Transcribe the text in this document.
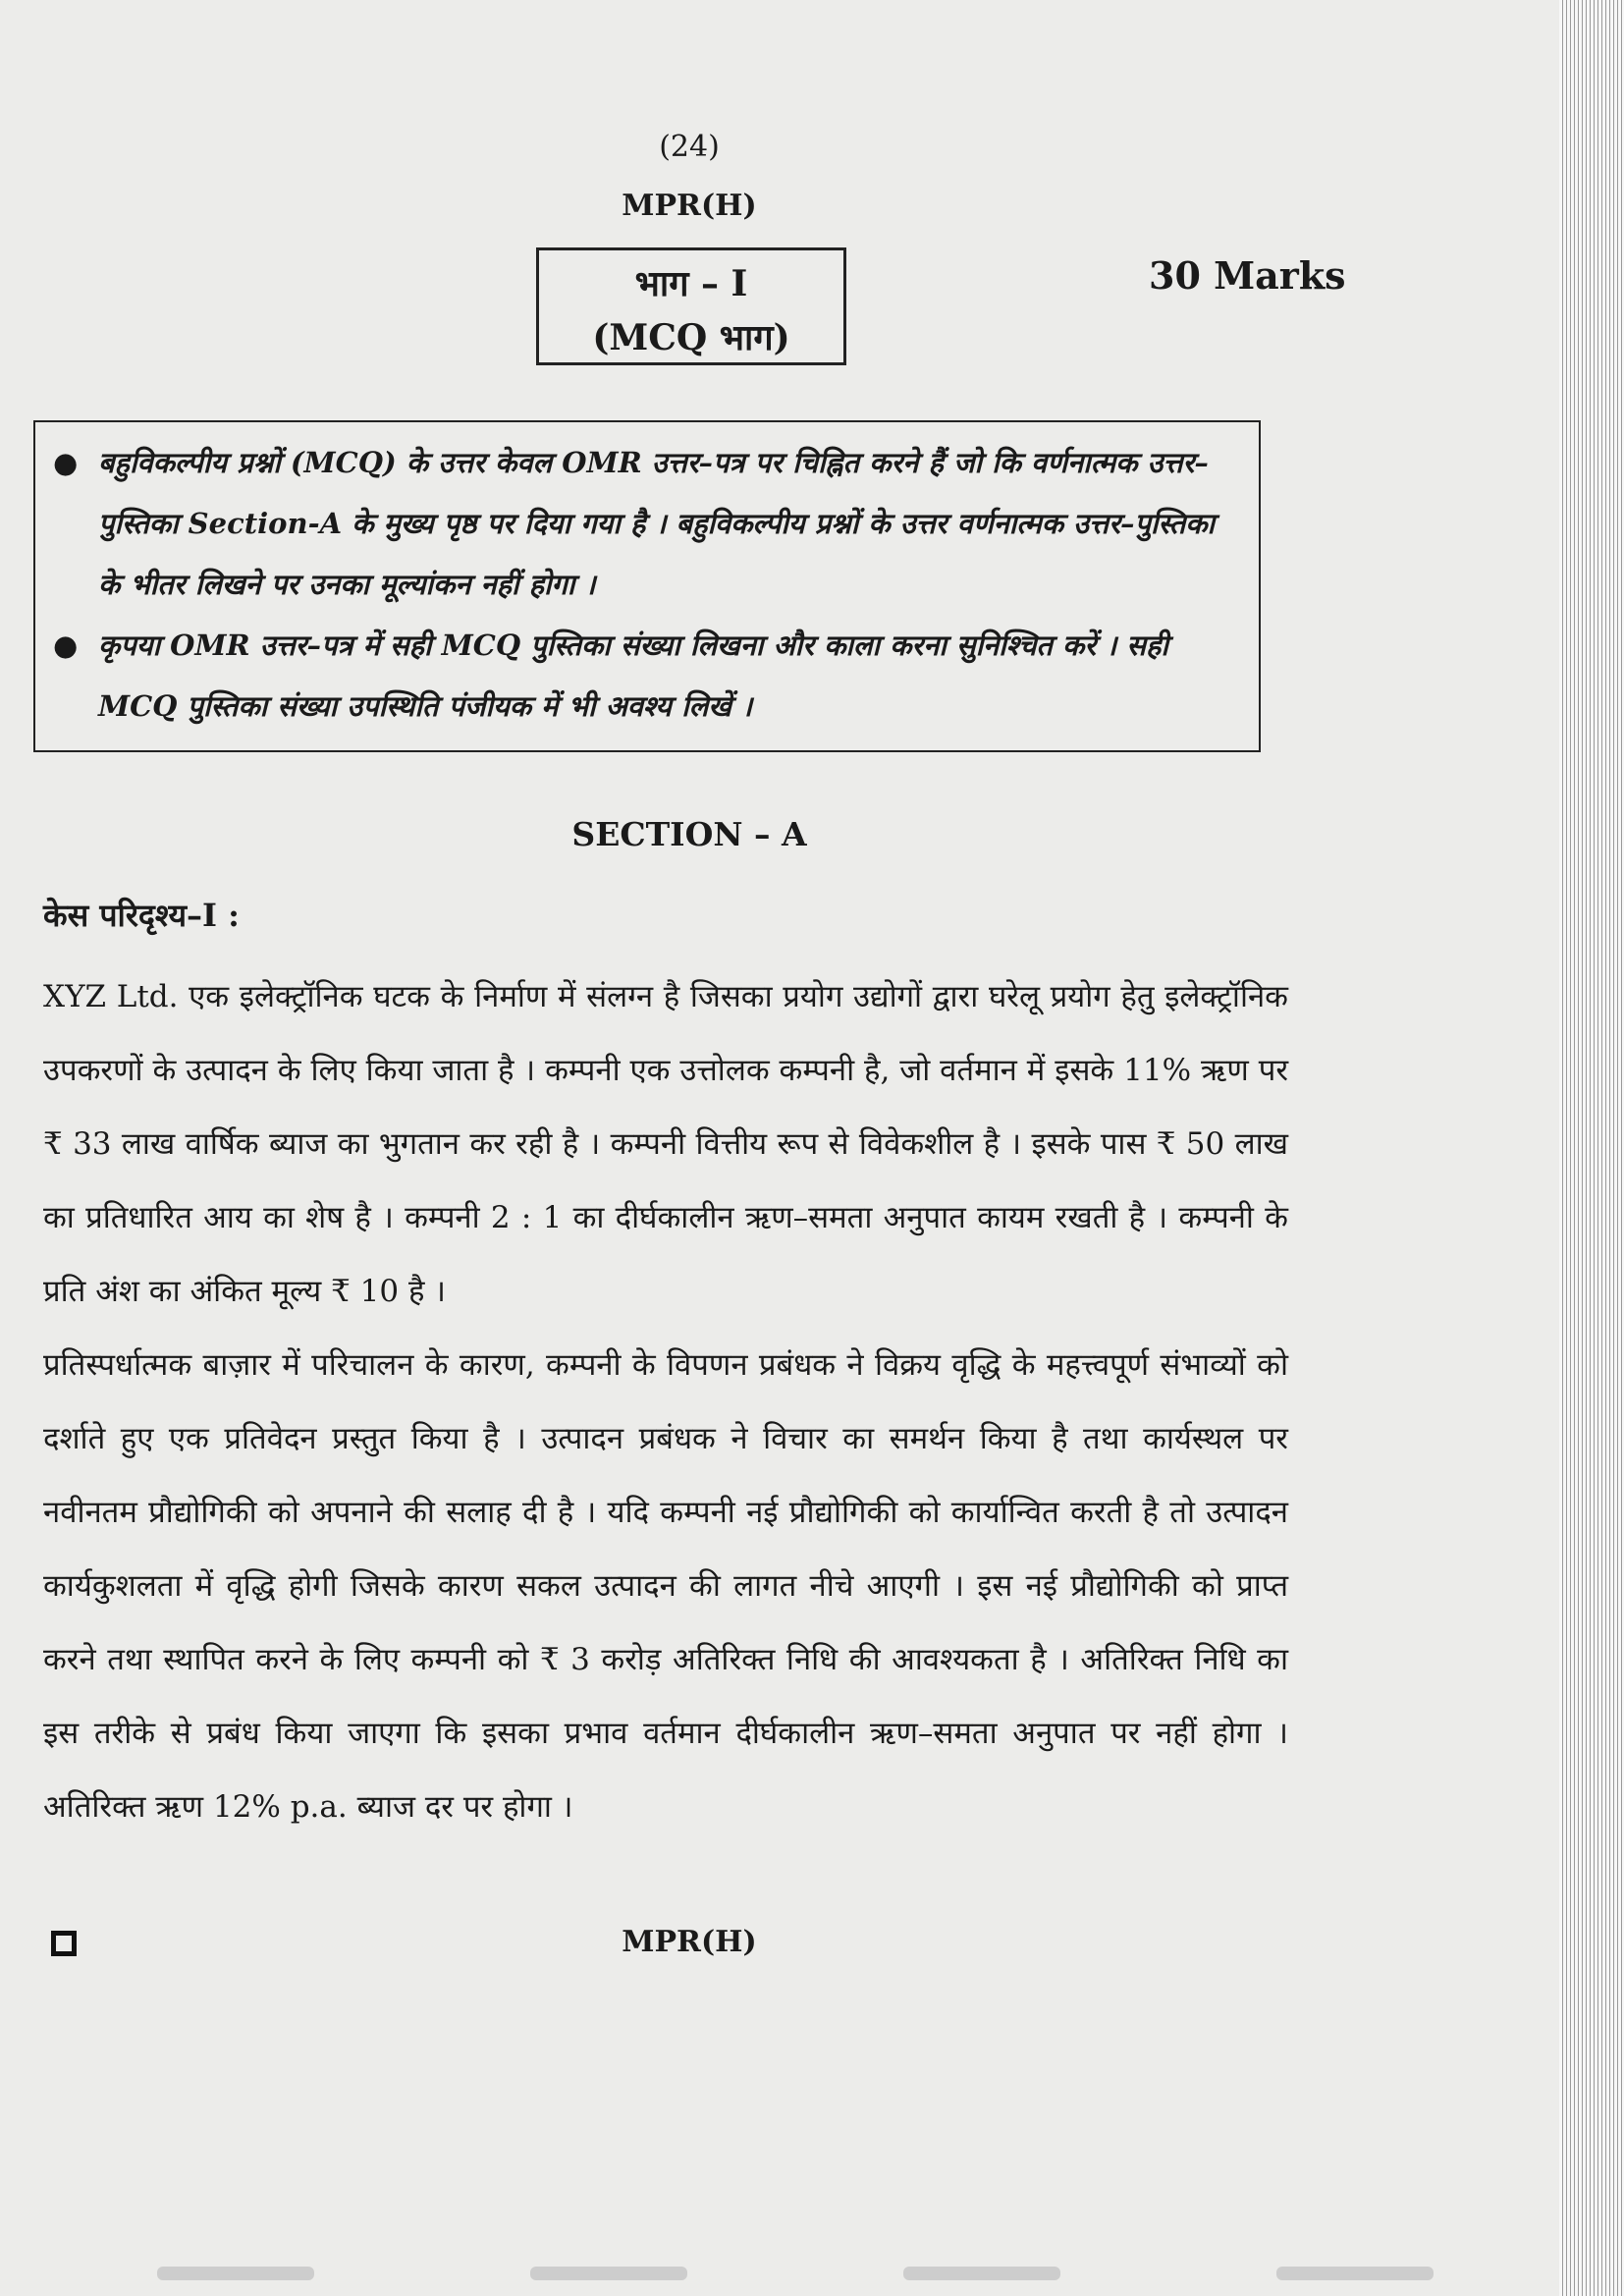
(24)
MPR(H)
भाग – I
(MCQ भाग)
30 Marks
● बहुविकल्पीय प्रश्नों (MCQ) के उत्तर केवल OMR उत्तर–पत्र पर चिह्नित करने हैं जो कि वर्णनात्मक उत्तर–पुस्तिका Section-A के मुख्य पृष्ठ पर दिया गया है । बहुविकल्पीय प्रश्नों के उत्तर वर्णनात्मक उत्तर–पुस्तिका के भीतर लिखने पर उनका मूल्यांकन नहीं होगा ।
● कृपया OMR उत्तर–पत्र में सही MCQ पुस्तिका संख्या लिखना और काला करना सुनिश्चित करें । सही MCQ पुस्तिका संख्या उपस्थिति पंजीयक में भी अवश्य लिखें ।
SECTION – A
केस परिदृश्य–I :

XYZ Ltd. एक इलेक्ट्रॉनिक घटक के निर्माण में संलग्न है जिसका प्रयोग उद्योगों द्वारा घरेलू प्रयोग हेतु इलेक्ट्रॉनिक उपकरणों के उत्पादन के लिए किया जाता है । कम्पनी एक उत्तोलक कम्पनी है, जो वर्तमान में इसके 11% ऋण पर ₹ 33 लाख वार्षिक ब्याज का भुगतान कर रही है । कम्पनी वित्तीय रूप से विवेकशील है । इसके पास ₹ 50 लाख का प्रतिधारित आय का शेष है । कम्पनी 2 : 1 का दीर्घकालीन ऋण–समता अनुपात कायम रखती है । कम्पनी के प्रति अंश का अंकित मूल्य ₹ 10 है ।

प्रतिस्पर्धात्मक बाज़ार में परिचालन के कारण, कम्पनी के विपणन प्रबंधक ने विक्रय वृद्धि के महत्त्वपूर्ण संभाव्यों को दर्शाते हुए एक प्रतिवेदन प्रस्तुत किया है । उत्पादन प्रबंधक ने विचार का समर्थन किया है तथा कार्यस्थल पर नवीनतम प्रौद्योगिकी को अपनाने की सलाह दी है । यदि कम्पनी नई प्रौद्योगिकी को कार्यान्वित करती है तो उत्पादन कार्यकुशलता में वृद्धि होगी जिसके कारण सकल उत्पादन की लागत नीचे आएगी । इस नई प्रौद्योगिकी को प्राप्त करने तथा स्थापित करने के लिए कम्पनी को ₹ 3 करोड़ अतिरिक्त निधि की आवश्यकता है । अतिरिक्त निधि का इस तरीके से प्रबंध किया जाएगा कि इसका प्रभाव वर्तमान दीर्घकालीन ऋण–समता अनुपात पर नहीं होगा । अतिरिक्त ऋण 12% p.a. ब्याज दर पर होगा ।

MPR(H)
